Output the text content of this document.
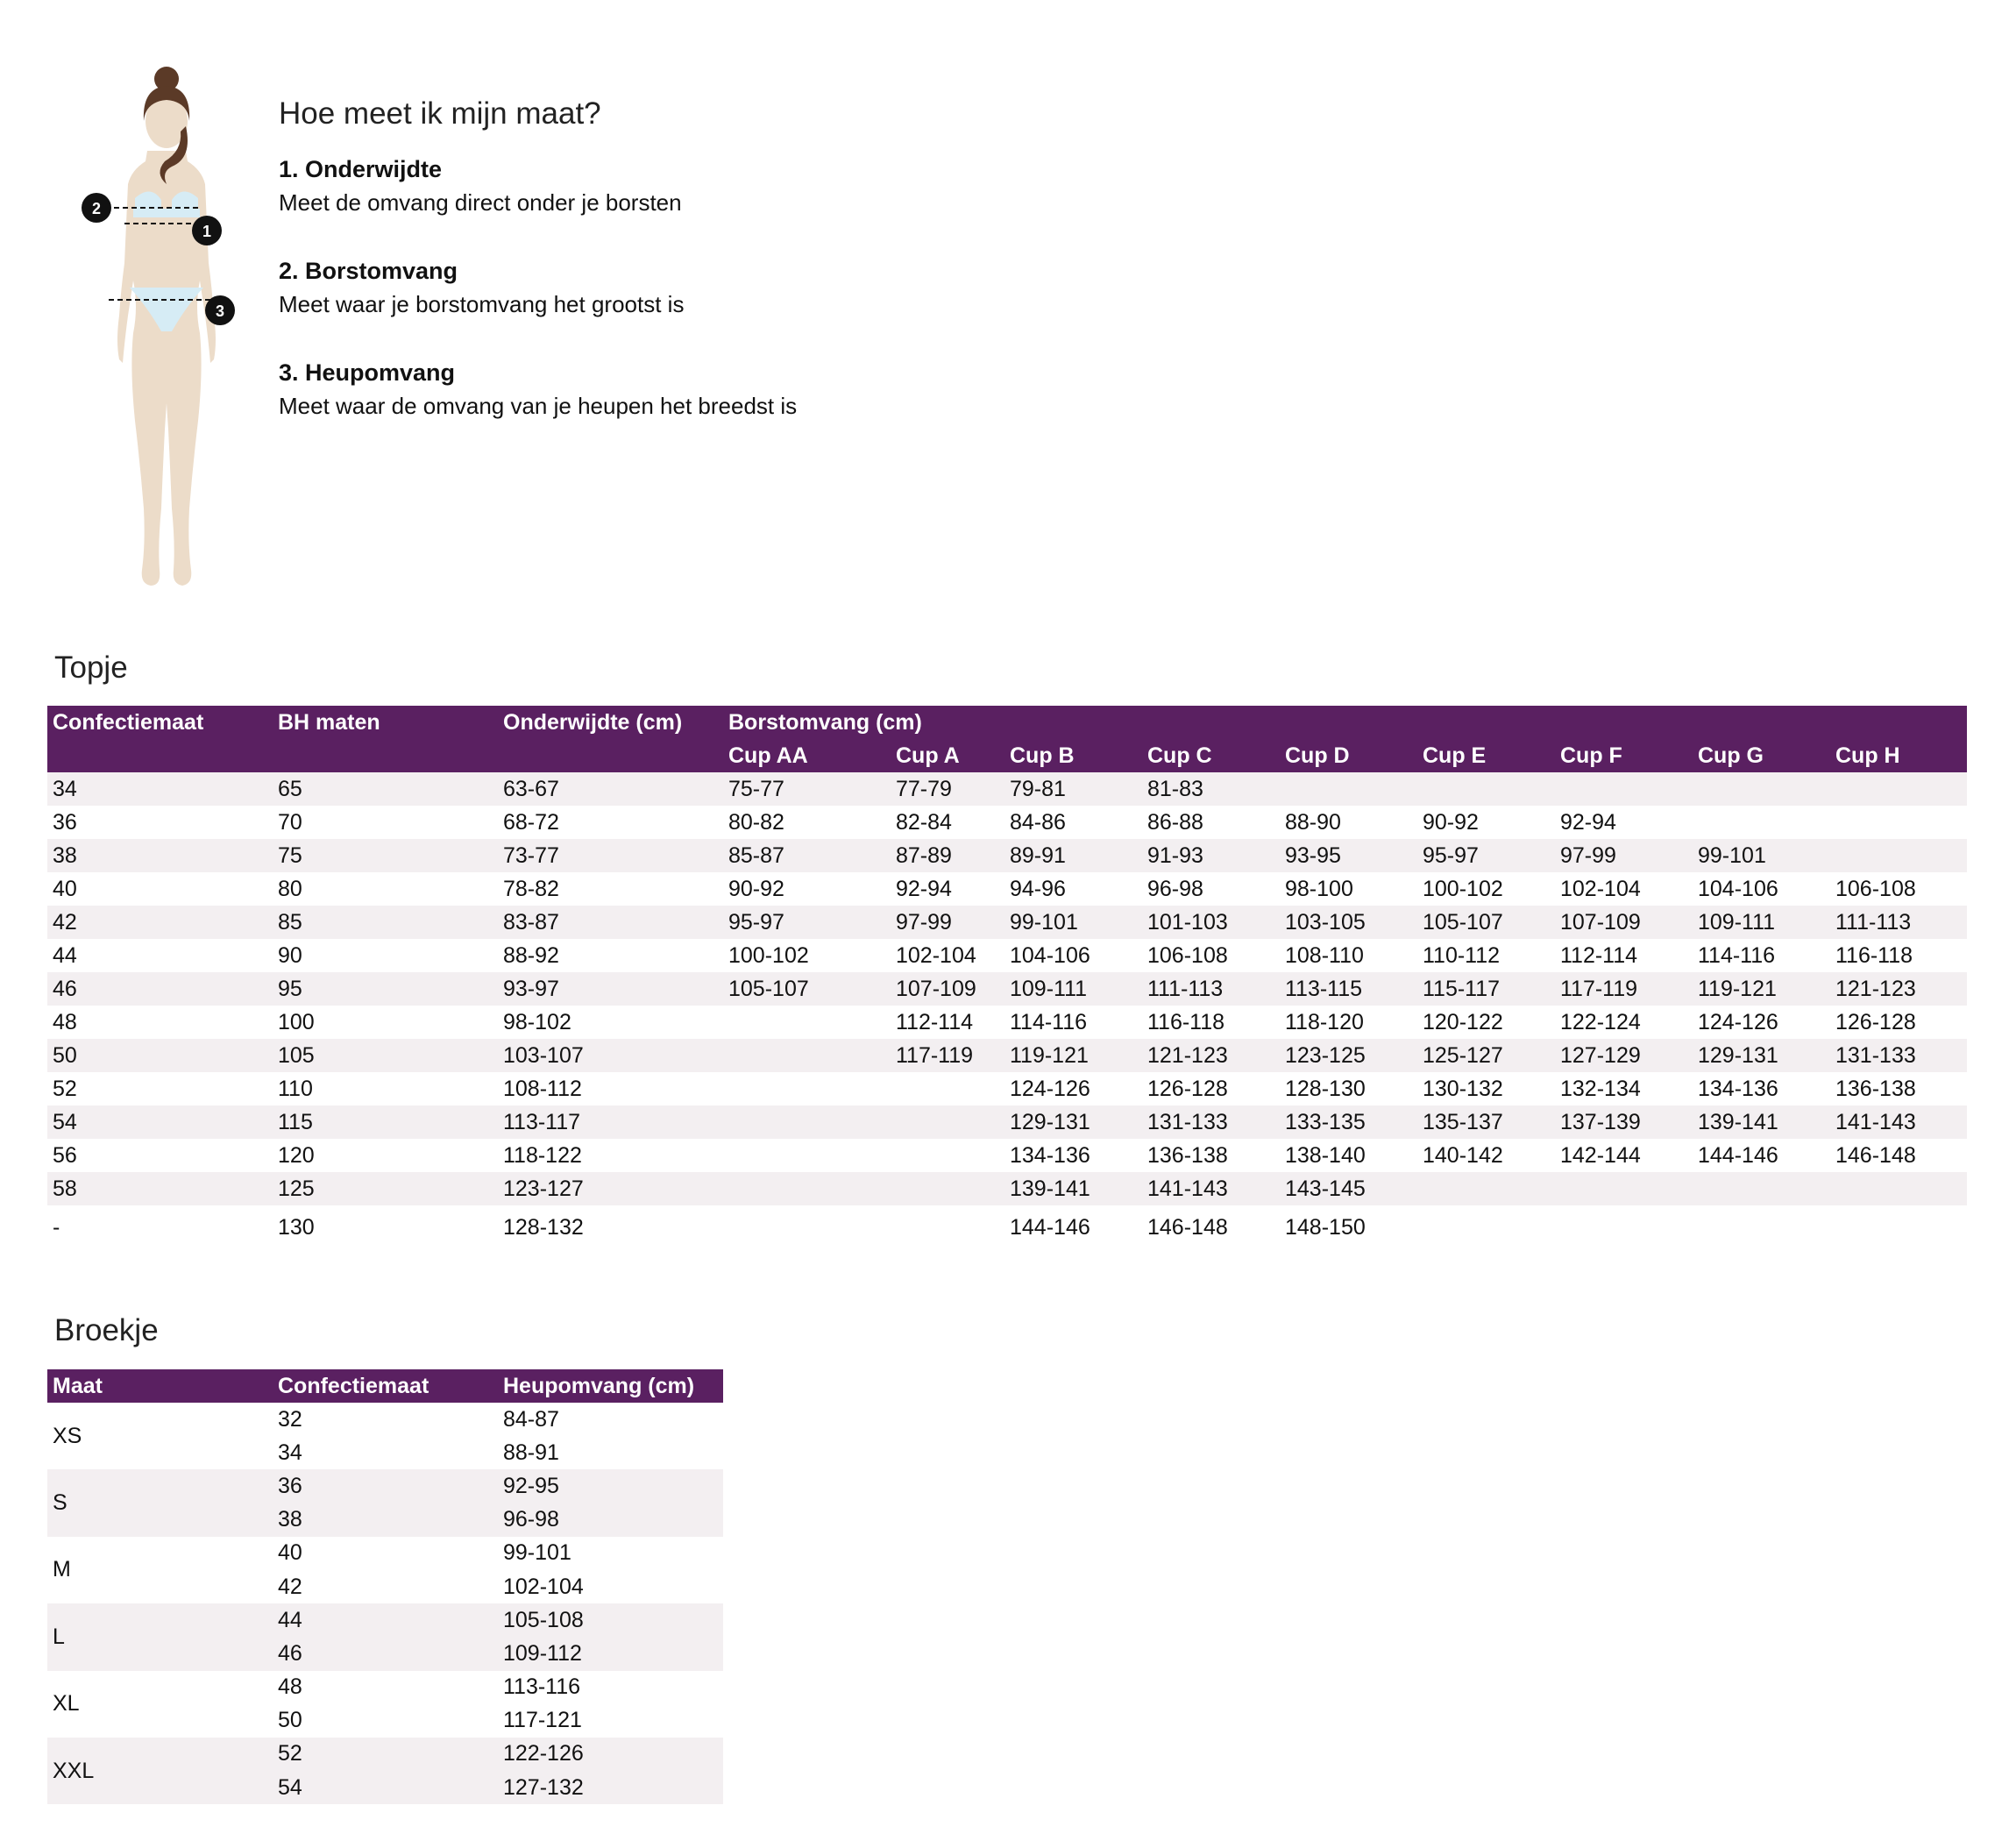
2
1
3
Hoe meet ik mijn maat?
1. Onderwijdte
Meet de omvang direct onder je borsten
2. Borstomvang
Meet waar je borstomvang het grootst is
3. Heupomvang
Meet waar de omvang van je heupen het breedst is
Topje
Confectiemaat	BH maten	Onderwijdte (cm)	Borstomvang (cm)								
			Cup AA	Cup A	Cup B	Cup C	Cup D	Cup E	Cup F	Cup G	Cup H
34	65	63-67	75-77	77-79	79-81	81-83					
36	70	68-72	80-82	82-84	84-86	86-88	88-90	90-92	92-94		
38	75	73-77	85-87	87-89	89-91	91-93	93-95	95-97	97-99	99-101	
40	80	78-82	90-92	92-94	94-96	96-98	98-100	100-102	102-104	104-106	106-108
42	85	83-87	95-97	97-99	99-101	101-103	103-105	105-107	107-109	109-111	111-113
44	90	88-92	100-102	102-104	104-106	106-108	108-110	110-112	112-114	114-116	116-118
46	95	93-97	105-107	107-109	109-111	111-113	113-115	115-117	117-119	119-121	121-123
48	100	98-102		112-114	114-116	116-118	118-120	120-122	122-124	124-126	126-128
50	105	103-107		117-119	119-121	121-123	123-125	125-127	127-129	129-131	131-133
52	110	108-112			124-126	126-128	128-130	130-132	132-134	134-136	136-138
54	115	113-117			129-131	131-133	133-135	135-137	137-139	139-141	141-143
56	120	118-122			134-136	136-138	138-140	140-142	142-144	144-146	146-148
58	125	123-127			139-141	141-143	143-145				
-	130	128-132			144-146	146-148	148-150				
Broekje
Maat	Confectiemaat	Heupomvang (cm)
XS	32	84-87
	34	88-91
S	36	92-95
	38	96-98
M	40	99-101
	42	102-104
L	44	105-108
	46	109-112
XL	48	113-116
	50	117-121
XXL	52	122-126
	54	127-132
